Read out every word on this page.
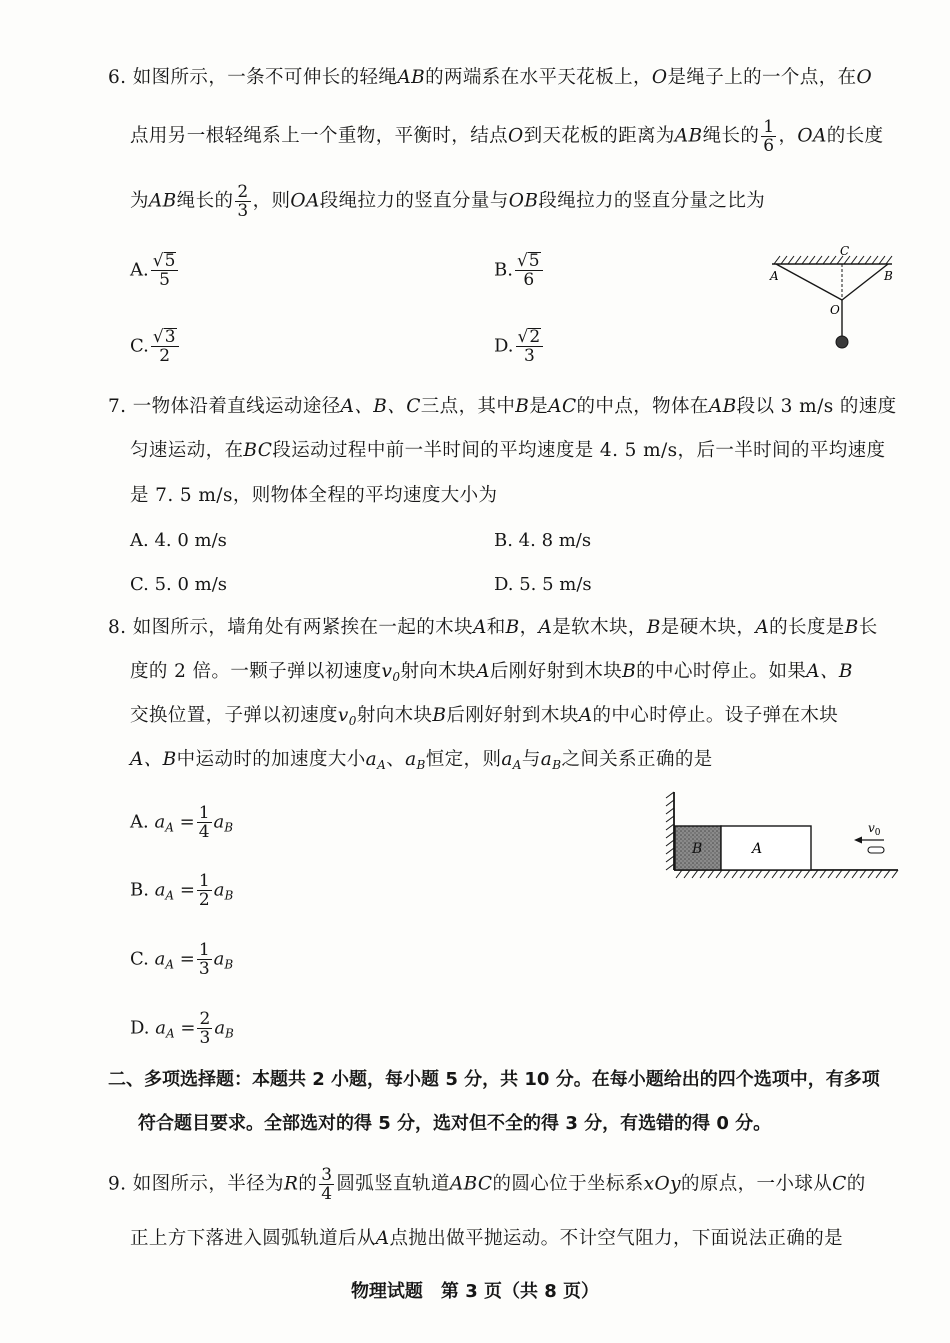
6. 如图所示，一条不可伸长的轻绳AB的两端系在水平天花板上，O是绳子上的一个点，在O
点用另一根轻绳系上一个重物，平衡时，结点O到天花板的距离为AB绳长的 $\frac{1}{6}$ ，OA的长度
为AB绳长的 $\frac{2}{3}$ ，则OA段绳拉力的竖直分量与OB段绳拉力的竖直分量之比为
A. $\frac{√ 5}{5}$	B. $\frac{√ 5}{6}$
C. $\frac{√ 3}{2}$	D. $\frac{√ 2}{3}$
A	B
C
O
7. 一物体沿着直线运动途径A、B、C三点，其中B是AC的中点，物体在AB段以 3 m/s 的速度
匀速运动，在BC段运动过程中前一半时间的平均速度是 4. 5 m/s，后一半时间的平均速度
是 7. 5 m/s，则物体全程的平均速度大小为
A. 4. 0 m/s	B. 4. 8 m/s
C. 5. 0 m/s	D. 5. 5 m/s
8. 如图所示，墙角处有两紧挨在一起的木块A和B，A是软木块，B是硬木块，A的长度是B长
度的 2 倍。一颗子弹以初速度$v_0$射向木块A后刚好射到木块B的中心时停止。如果A、B
交换位置，子弹以初速度$v_0$射向木块B后刚好射到木块A的中心时停止。设子弹在木块
A、B中运动时的加速度大小$a_A$、$a_B$恒定，则$a_A$与$a_B$之间关系正确的是
A. $a_A = \frac{1}{4} a_B$
B. $a_A = \frac{1}{2} a_B$
C. $a_A = \frac{1}{3} a_B$
D. $a_A = \frac{2}{3} a_B$
B	A
$v_0$
二、多项选择题：本题共 2 小题，每小题 5 分，共 10 分。在每小题给出的四个选项中，有多项
符合题目要求。全部选对的得 5 分，选对但不全的得 3 分，有选错的得 0 分。
9. 如图所示，半径为R的 $\frac{3}{4}$ 圆弧竖直轨道ABC的圆心位于坐标系xOy的原点，一小球从C的
正上方下落进入圆弧轨道后从A点抛出做平抛运动。不计空气阻力，下面说法正确的是
物理试题　第 3 页（共 8 页）
